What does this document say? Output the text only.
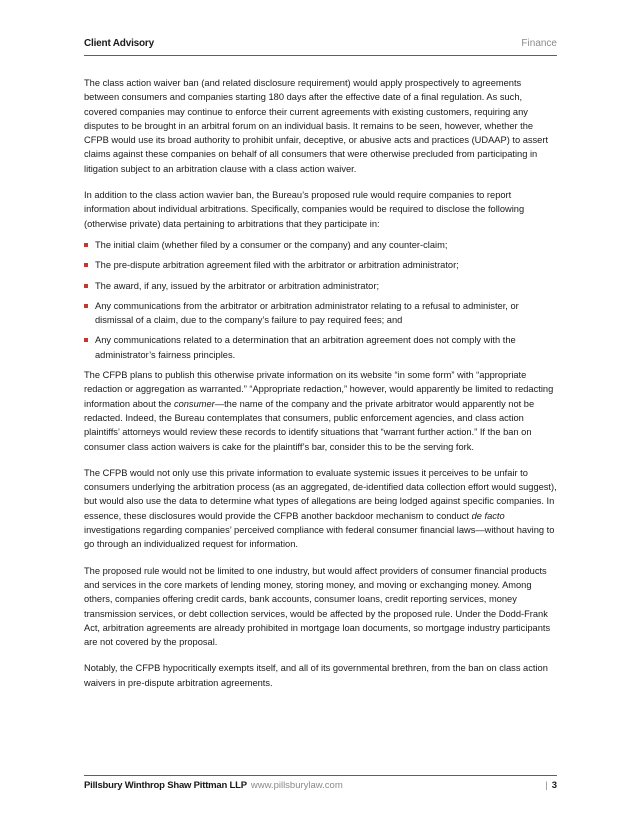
Client Advisory	Finance

The class action waiver ban (and related disclosure requirement) would apply prospectively to agreements between consumers and companies starting 180 days after the effective date of a final regulation. As such, covered companies may continue to enforce their current agreements with existing customers, requiring any disputes to be brought in an arbitral forum on an individual basis. It remains to be seen, however, whether the CFPB would use its broad authority to prohibit unfair, deceptive, or abusive acts and practices (UDAAP) to assert claims against these companies on behalf of all consumers that were otherwise precluded from participating in litigation subject to an arbitration clause with a class action waiver.

In addition to the class action wavier ban, the Bureau’s proposed rule would require companies to report information about individual arbitrations. Specifically, companies would be required to disclose the following (otherwise private) data pertaining to arbitrations that they participate in:

The initial claim (whether filed by a consumer or the company) and any counter-claim;
The pre-dispute arbitration agreement filed with the arbitrator or arbitration administrator;
The award, if any, issued by the arbitrator or arbitration administrator;
Any communications from the arbitrator or arbitration administrator relating to a refusal to administer, or dismissal of a claim, due to the company’s failure to pay required fees; and
Any communications related to a determination that an arbitration agreement does not comply with the administrator’s fairness principles.

The CFPB plans to publish this otherwise private information on its website “in some form” with “appropriate redaction or aggregation as warranted.” “Appropriate redaction,” however, would apparently be limited to redacting information about the consumer—the name of the company and the private arbitrator would apparently not be redacted. Indeed, the Bureau contemplates that consumers, public enforcement agencies, and class action plaintiffs’ attorneys would review these records to identify situations that “warrant further action.” If the ban on consumer class action waivers is cake for the plaintiff’s bar, consider this to be the serving fork.

The CFPB would not only use this private information to evaluate systemic issues it perceives to be unfair to consumers underlying the arbitration process (as an aggregated, de-identified data collection effort would suggest), but would also use the data to determine what types of allegations are being lodged against specific companies. In essence, these disclosures would provide the CFPB another backdoor mechanism to conduct de facto investigations regarding companies’ perceived compliance with federal consumer financial laws—without having to go through an individualized request for information.

The proposed rule would not be limited to one industry, but would affect providers of consumer financial products and services in the core markets of lending money, storing money, and moving or exchanging money. Among others, companies offering credit cards, bank accounts, consumer loans, credit reporting services, money transmission services, or debt collection services, would be affected by the proposed rule. Under the Dodd-Frank Act, arbitration agreements are already prohibited in mortgage loan documents, so mortgage industry participants are not covered by the proposal.

Notably, the CFPB hypocritically exempts itself, and all of its governmental brethren, from the ban on class action waivers in pre-dispute arbitration agreements.

Pillsbury Winthrop Shaw Pittman LLP www.pillsburylaw.com	| 3
